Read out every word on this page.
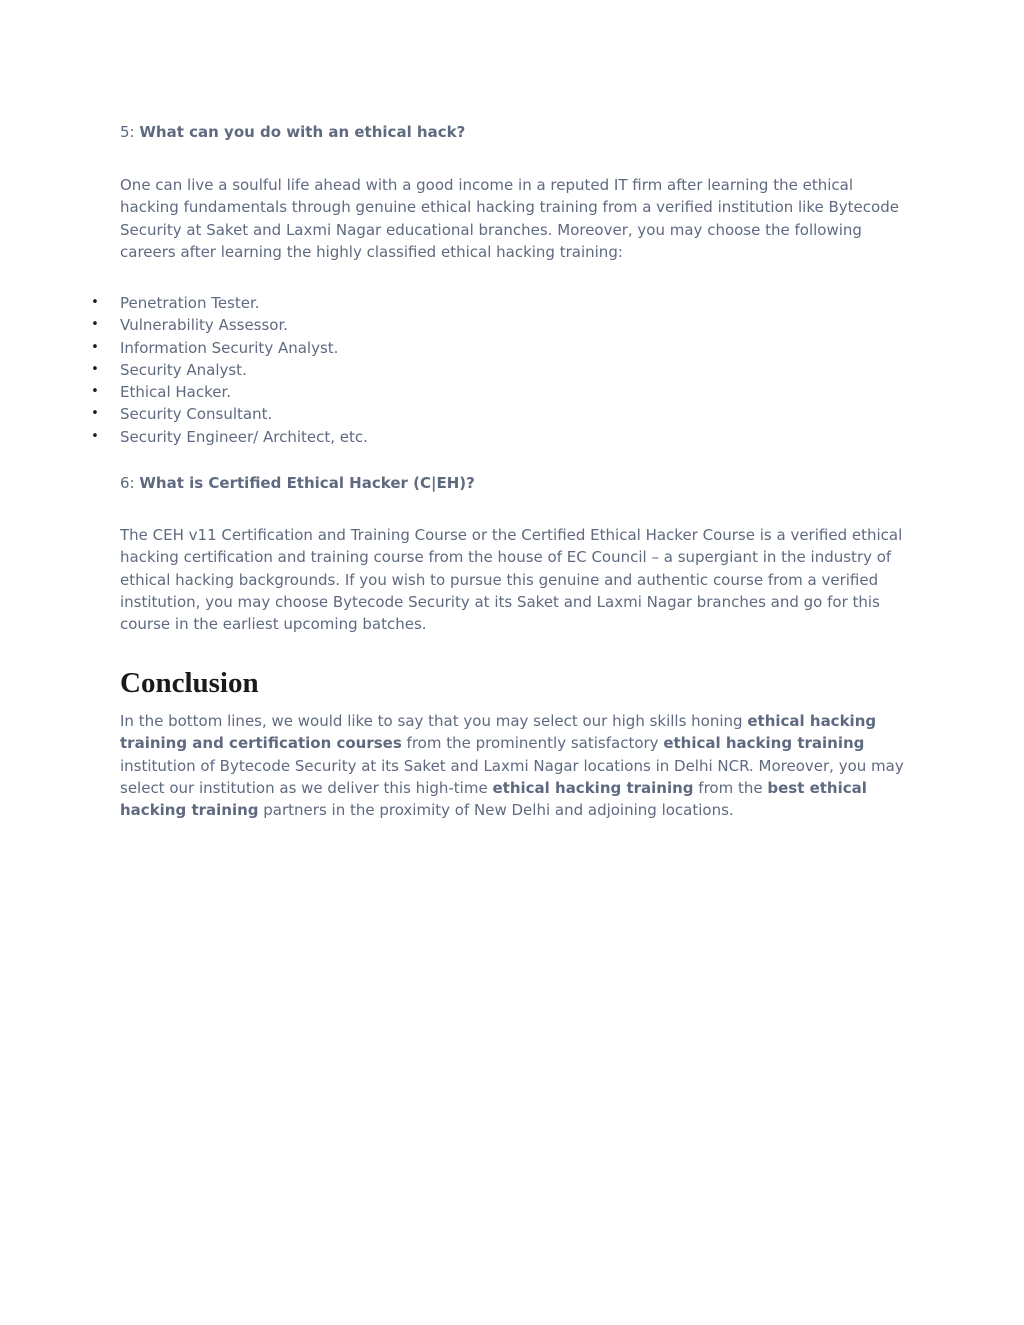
5: What can you do with an ethical hack?

One can live a soulful life ahead with a good income in a reputed IT firm after learning the ethical hacking fundamentals through genuine ethical hacking training from a verified institution like Bytecode Security at Saket and Laxmi Nagar educational branches. Moreover, you may choose the following careers after learning the highly classified ethical hacking training:

• Penetration Tester.
• Vulnerability Assessor.
• Information Security Analyst.
• Security Analyst.
• Ethical Hacker.
• Security Consultant.
• Security Engineer/ Architect, etc.
6: What is Certified Ethical Hacker (C|EH)?

The CEH v11 Certification and Training Course or the Certified Ethical Hacker Course is a verified ethical hacking certification and training course from the house of EC Council – a supergiant in the industry of ethical hacking backgrounds. If you wish to pursue this genuine and authentic course from a verified institution, you may choose Bytecode Security at its Saket and Laxmi Nagar branches and go for this course in the earliest upcoming batches.

Conclusion

In the bottom lines, we would like to say that you may select our high skills honing ethical hacking training and certification courses from the prominently satisfactory ethical hacking training institution of Bytecode Security at its Saket and Laxmi Nagar locations in Delhi NCR. Moreover, you may select our institution as we deliver this high-time ethical hacking training from the best ethical hacking training partners in the proximity of New Delhi and adjoining locations.
